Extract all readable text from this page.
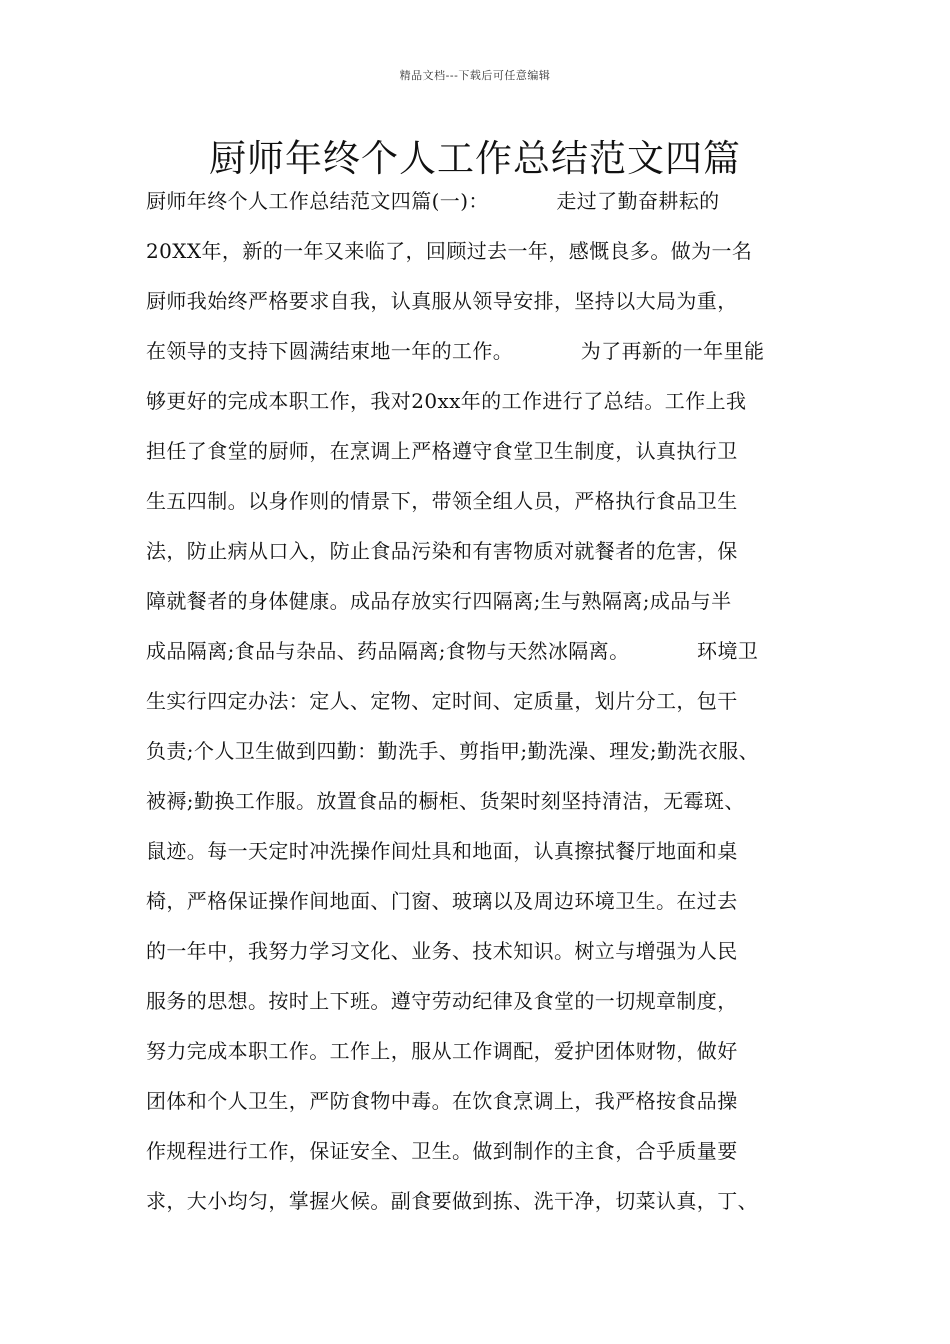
精品文档---下载后可任意编辑
厨师年终个人工作总结范文四篇
厨师年终个人工作总结范文四篇(一)：          走过了勤奋耕耘的
20XX年，新的一年又来临了，回顾过去一年，感慨良多。做为一名
厨师我始终严格要求自我，认真服从领导安排，坚持以大局为重，
在领导的支持下圆满结束地一年的工作。          为了再新的一年里能
够更好的完成本职工作，我对20xx年的工作进行了总结。工作上我
担任了食堂的厨师，在烹调上严格遵守食堂卫生制度，认真执行卫
生五四制。以身作则的情景下，带领全组人员，严格执行食品卫生
法，防止病从口入，防止食品污染和有害物质对就餐者的危害，保
障就餐者的身体健康。成品存放实行四隔离;生与熟隔离;成品与半
成品隔离;食品与杂品、药品隔离;食物与天然冰隔离。          环境卫
生实行四定办法：定人、定物、定时间、定质量，划片分工，包干
负责;个人卫生做到四勤：勤洗手、剪指甲;勤洗澡、理发;勤洗衣服、
被褥;勤换工作服。放置食品的橱柜、货架时刻坚持清洁，无霉斑、
鼠迹。每一天定时冲洗操作间灶具和地面，认真擦拭餐厅地面和桌
椅，严格保证操作间地面、门窗、玻璃以及周边环境卫生。在过去
的一年中，我努力学习文化、业务、技术知识。树立与增强为人民
服务的思想。按时上下班。遵守劳动纪律及食堂的一切规章制度，
努力完成本职工作。工作上，服从工作调配，爱护团体财物，做好
团体和个人卫生，严防食物中毒。在饮食烹调上，我严格按食品操
作规程进行工作，保证安全、卫生。做到制作的主食，合乎质量要
求，大小均匀，掌握火候。副食要做到拣、洗干净，切菜认真，丁、
